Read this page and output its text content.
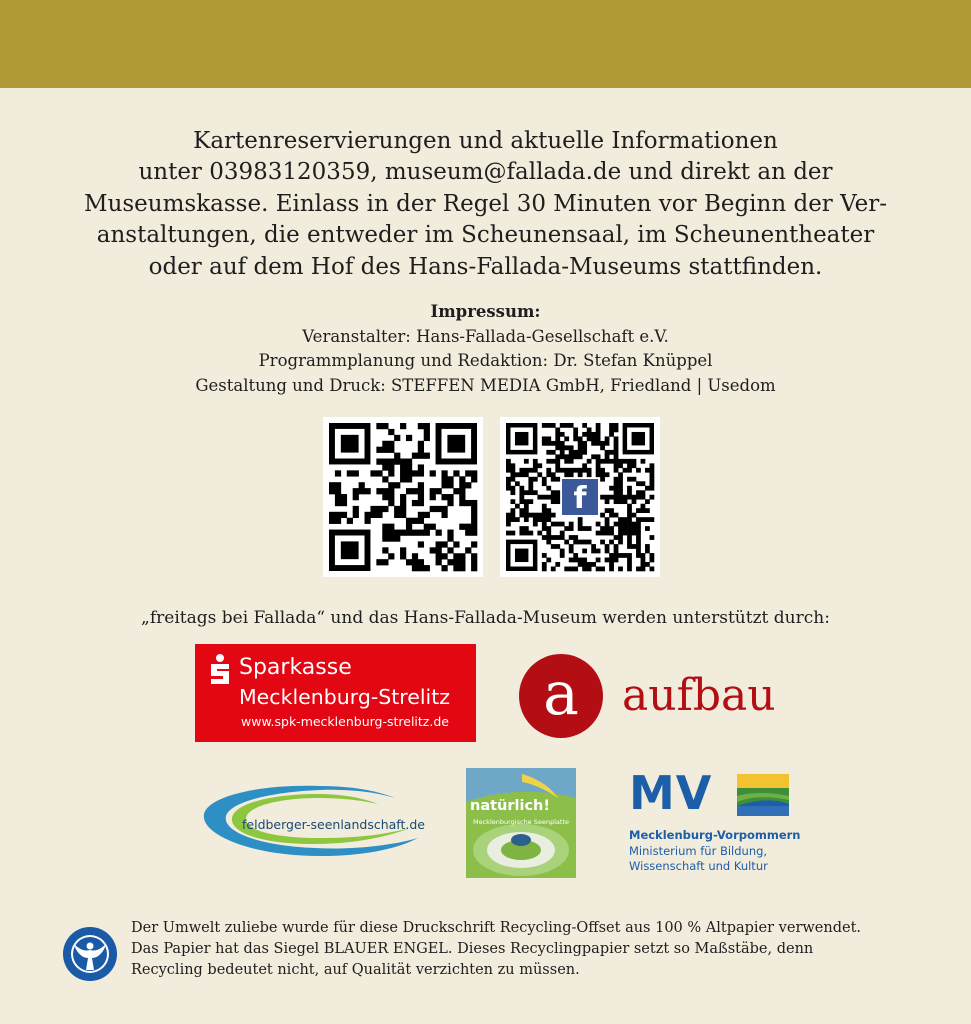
Kartenreservierungen und aktuelle Informationen
unter 03983120359, museum@fallada.de und direkt an der
Museumskasse. Einlass in der Regel 30 Minuten vor Beginn der Ver-
anstaltungen, die entweder im Scheunensaal, im Scheunentheater
oder auf dem Hof des Hans-Fallada-Museums stattfinden.
Impressum:
Veranstalter: Hans-Fallada-Gesellschaft e.V.
Programmplanung und Redaktion: Dr. Stefan Knüppel
Gestaltung und Druck: STEFFEN MEDIA GmbH, Friedland | Usedom
f
„freitags bei Fallada“ und das Hans-Fallada-Museum werden unterstützt durch:
Sparkasse
Mecklenburg-Strelitz
www.spk-mecklenburg-strelitz.de	a aufbau
feldberger-seenlandschaft.de
natürlich!
Mecklenburgische Seenplatte
MV
Mecklenburg-Vorpommern
Ministerium für Bildung,
Wissenschaft und Kultur
Der Umwelt zuliebe wurde für diese Druckschrift Recycling-Offset aus 100 % Altpapier verwendet.
Das Papier hat das Siegel BLAUER ENGEL. Dieses Recyclingpapier setzt so Maßstäbe, denn
Recycling bedeutet nicht, auf Qualität verzichten zu müssen.
